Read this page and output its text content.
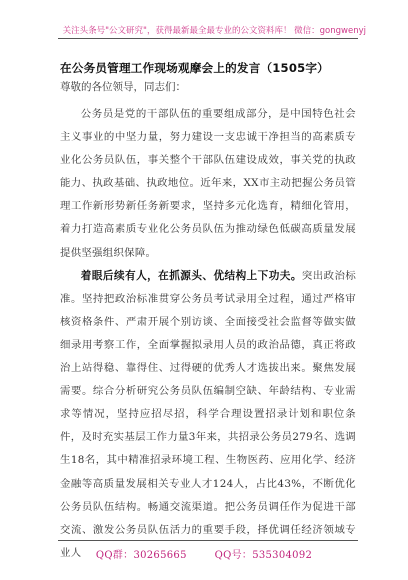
关注头条号"公文研究"，获得最新最全最专业的公文资料库！ 微信：gongwenyj
在公务员管理工作现场观摩会上的发言（1505字）

尊敬的各位领导，同志们：

公务员是党的干部队伍的重要组成部分，是中国特色社会主义事业的中坚力量，努力建设一支忠诚干净担当的高素质专业化公务员队伍，事关整个干部队伍建设成效，事关党的执政能力、执政基础、执政地位。近年来，XX市主动把握公务员管理工作新形势新任务新要求，坚持多元化选育，精细化管用，着力打造高素质专业化公务员队伍为推动绿色低碳高质量发展提供坚强组织保障。

着眼后续有人，在抓源头、优结构上下功夫。突出政治标准。坚持把政治标准贯穿公务员考试录用全过程，通过严格审核资格条件、严肃开展个别访谈、全面接受社会监督等做实做细录用考察工作，全面掌握拟录用人员的政治品德，真正将政治上站得稳、靠得住、过得硬的优秀人才选拔出来。聚焦发展需要。综合分析研究公务员队伍编制空缺、年龄结构、专业需求等情况，坚持应招尽招，科学合理设置招录计划和职位条件，及时充实基层工作力量3年来，共招录公务员279名、选调生18名，其中精准招录环境工程、生物医药、应用化学、经济金融等高质量发展相关专业人才124人，占比43%，不断优化公务员队伍结构。畅通交流渠道。把公务员调任作为促进干部交流、激发公务员队伍活力的重要手段，择优调任经济领域专业人	QQ群：30265665	QQ号：535304092
